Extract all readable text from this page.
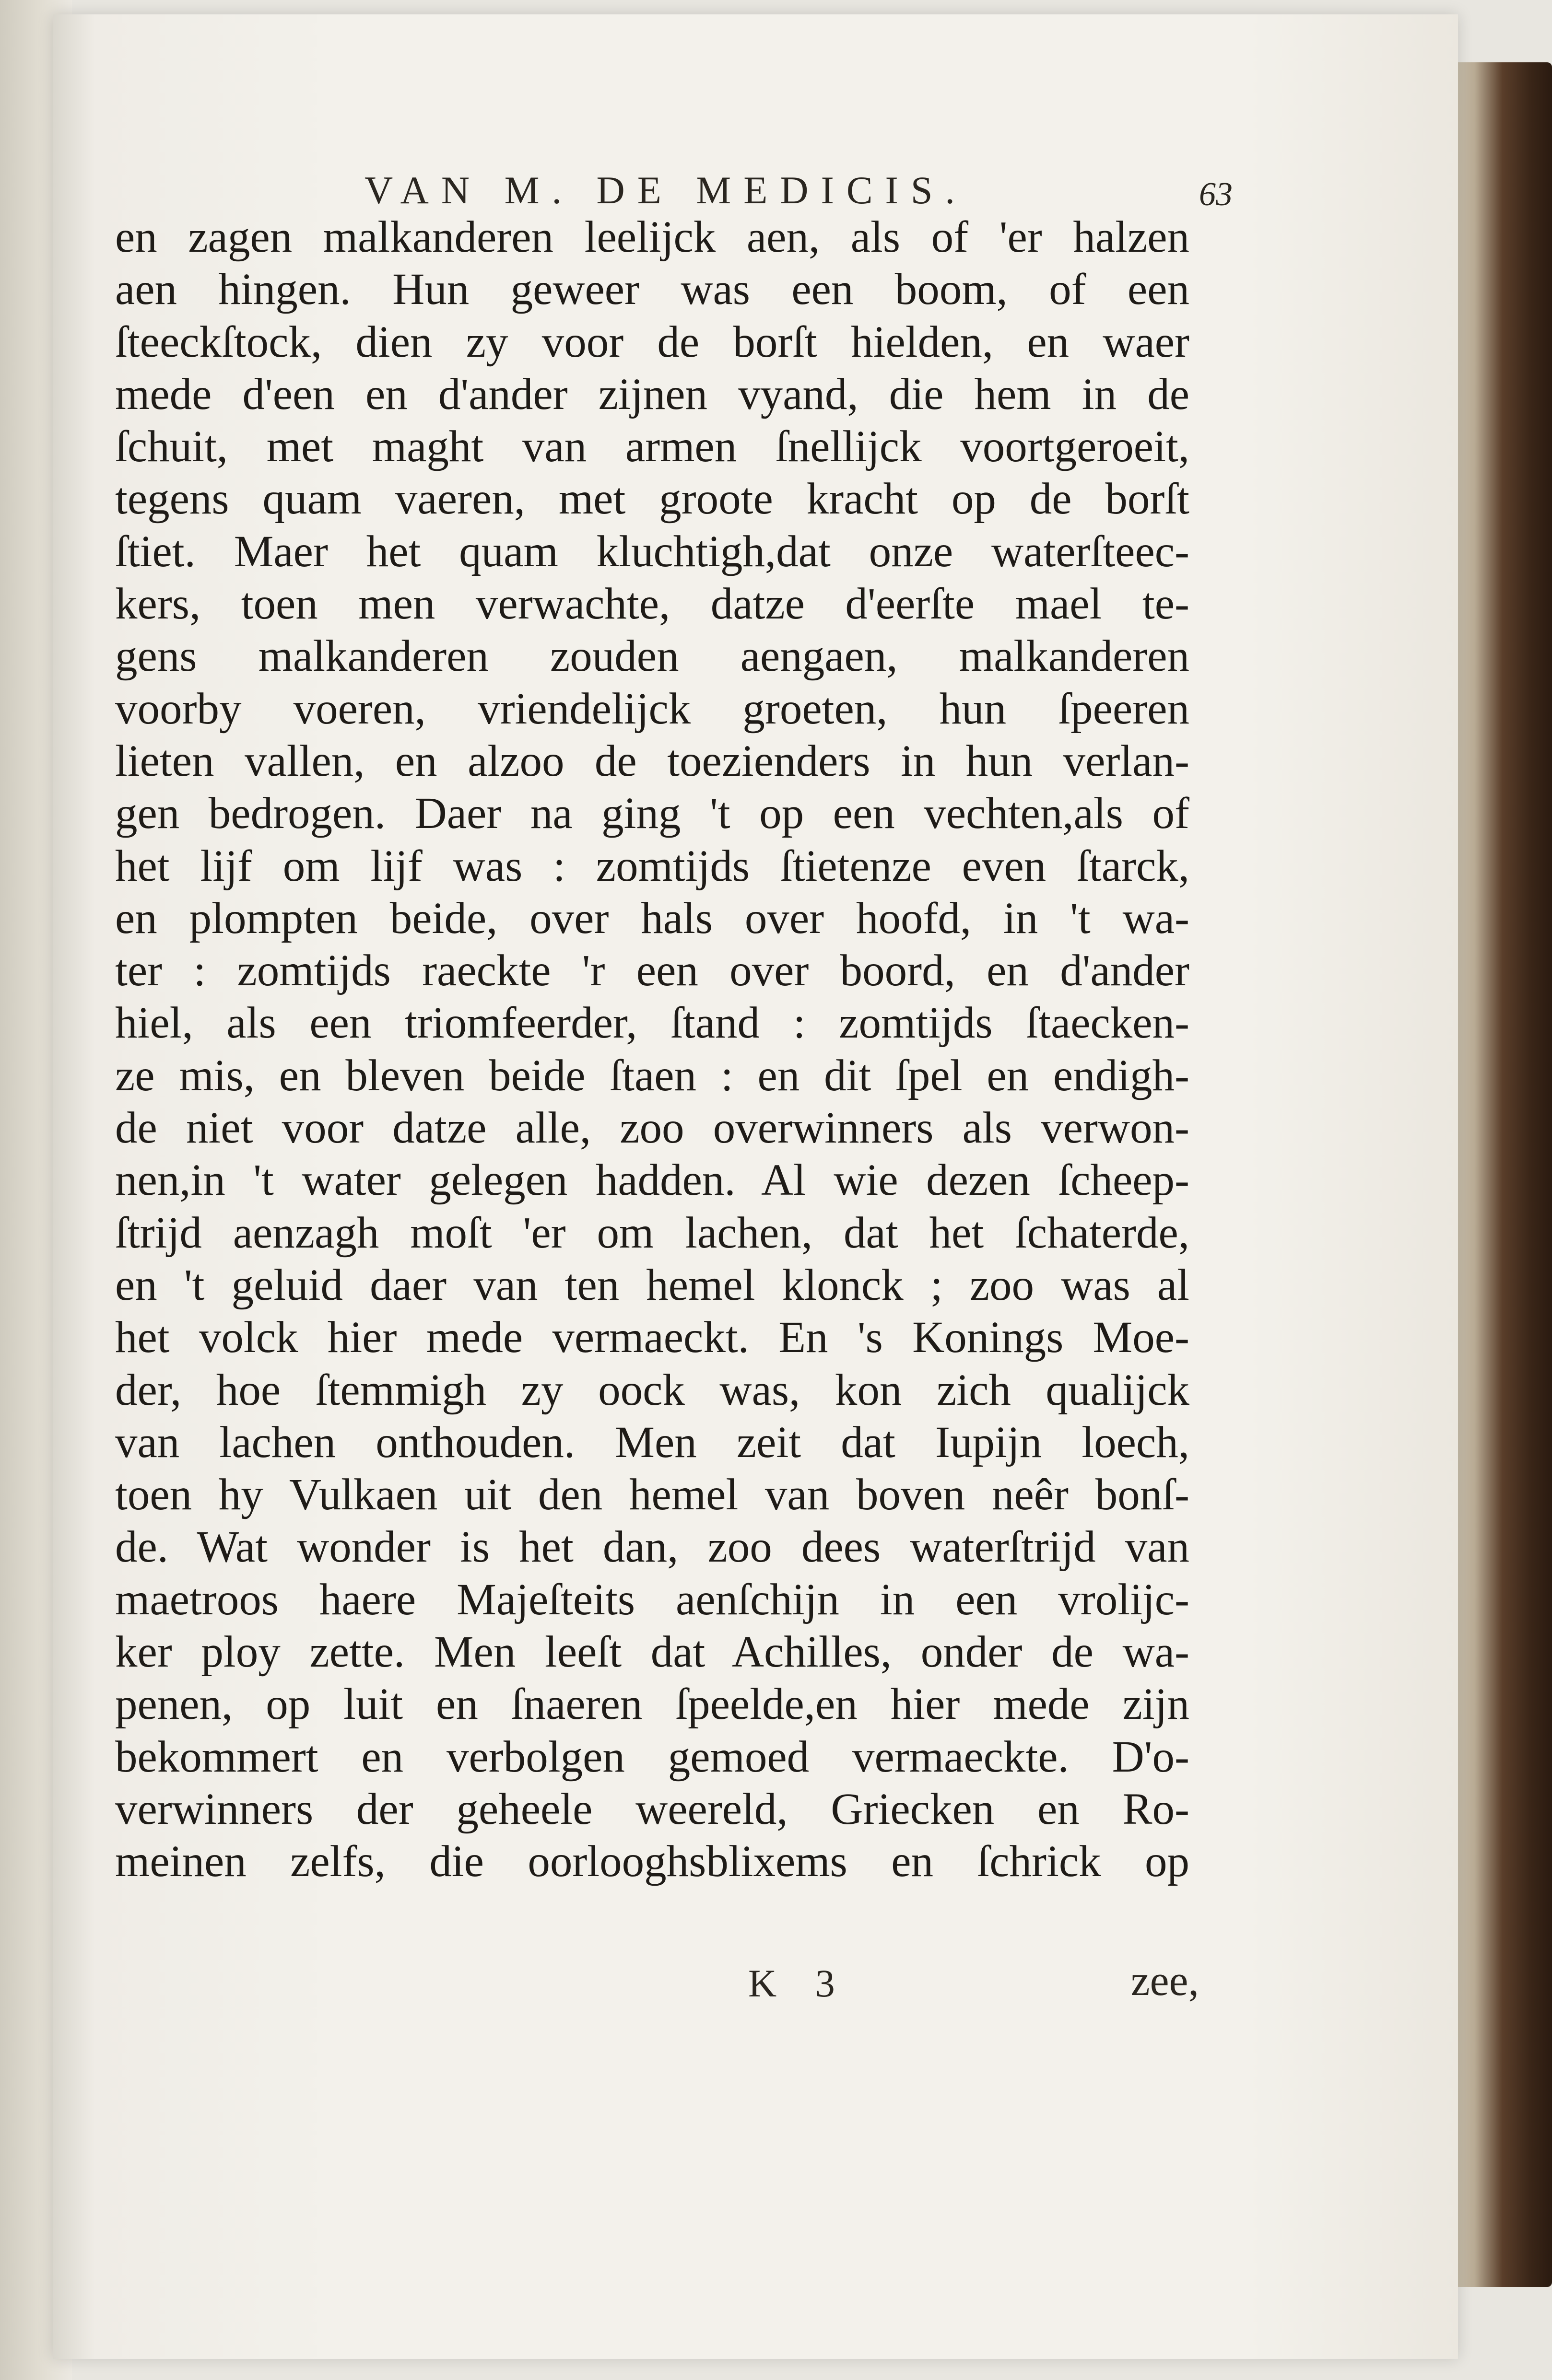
VAN M. DE MEDICIS.	63
en zagen malkanderen leelijck aen, als of 'er halzen
aen hingen. Hun geweer was een boom, of een
ſteeckſtock, dien zy voor de borſt hielden, en waer
mede d'een en d'ander zijnen vyand, die hem in de
ſchuit, met maght van armen ſnellijck voortgeroeit,
tegens quam vaeren, met groote kracht op de borſt
ſtiet. Maer het quam kluchtigh,dat onze waterſteec-
kers, toen men verwachte, datze d'eerſte mael te-
gens malkanderen zouden aengaen, malkanderen
voorby voeren, vriendelijck groeten, hun ſpeeren
lieten vallen, en alzoo de toezienders in hun verlan-
gen bedrogen. Daer na ging 't op een vechten,als of
het lijf om lijf was : zomtijds ſtietenze even ſtarck,
en plompten beide, over hals over hoofd, in 't wa-
ter : zomtijds raeckte 'r een over boord, en d'ander
hiel, als een triomfeerder, ſtand : zomtijds ſtaecken-
ze mis, en bleven beide ſtaen : en dit ſpel en endigh-
de niet voor datze alle, zoo overwinners als verwon-
nen,in 't water gelegen hadden. Al wie dezen ſcheep-
ſtrijd aenzagh moſt 'er om lachen, dat het ſchaterde,
en 't geluid daer van ten hemel klonck ; zoo was al
het volck hier mede vermaeckt. En 's Konings Moe-
der, hoe ſtemmigh zy oock was, kon zich qualijck
van lachen onthouden. Men zeit dat Iupijn loech,
toen hy Vulkaen uit den hemel van boven neêr bonſ-
de. Wat wonder is het dan, zoo dees waterſtrijd van
maetroos haere Majeſteits aenſchijn in een vrolijc-
ker ploy zette. Men leeſt dat Achilles, onder de wa-
penen, op luit en ſnaeren ſpeelde,en hier mede zijn
bekommert en verbolgen gemoed vermaeckte. D'o-
verwinners der geheele weereld, Griecken en Ro-
meinen zelfs, die oorlooghsblixems en ſchrick op
K 3	zee,
